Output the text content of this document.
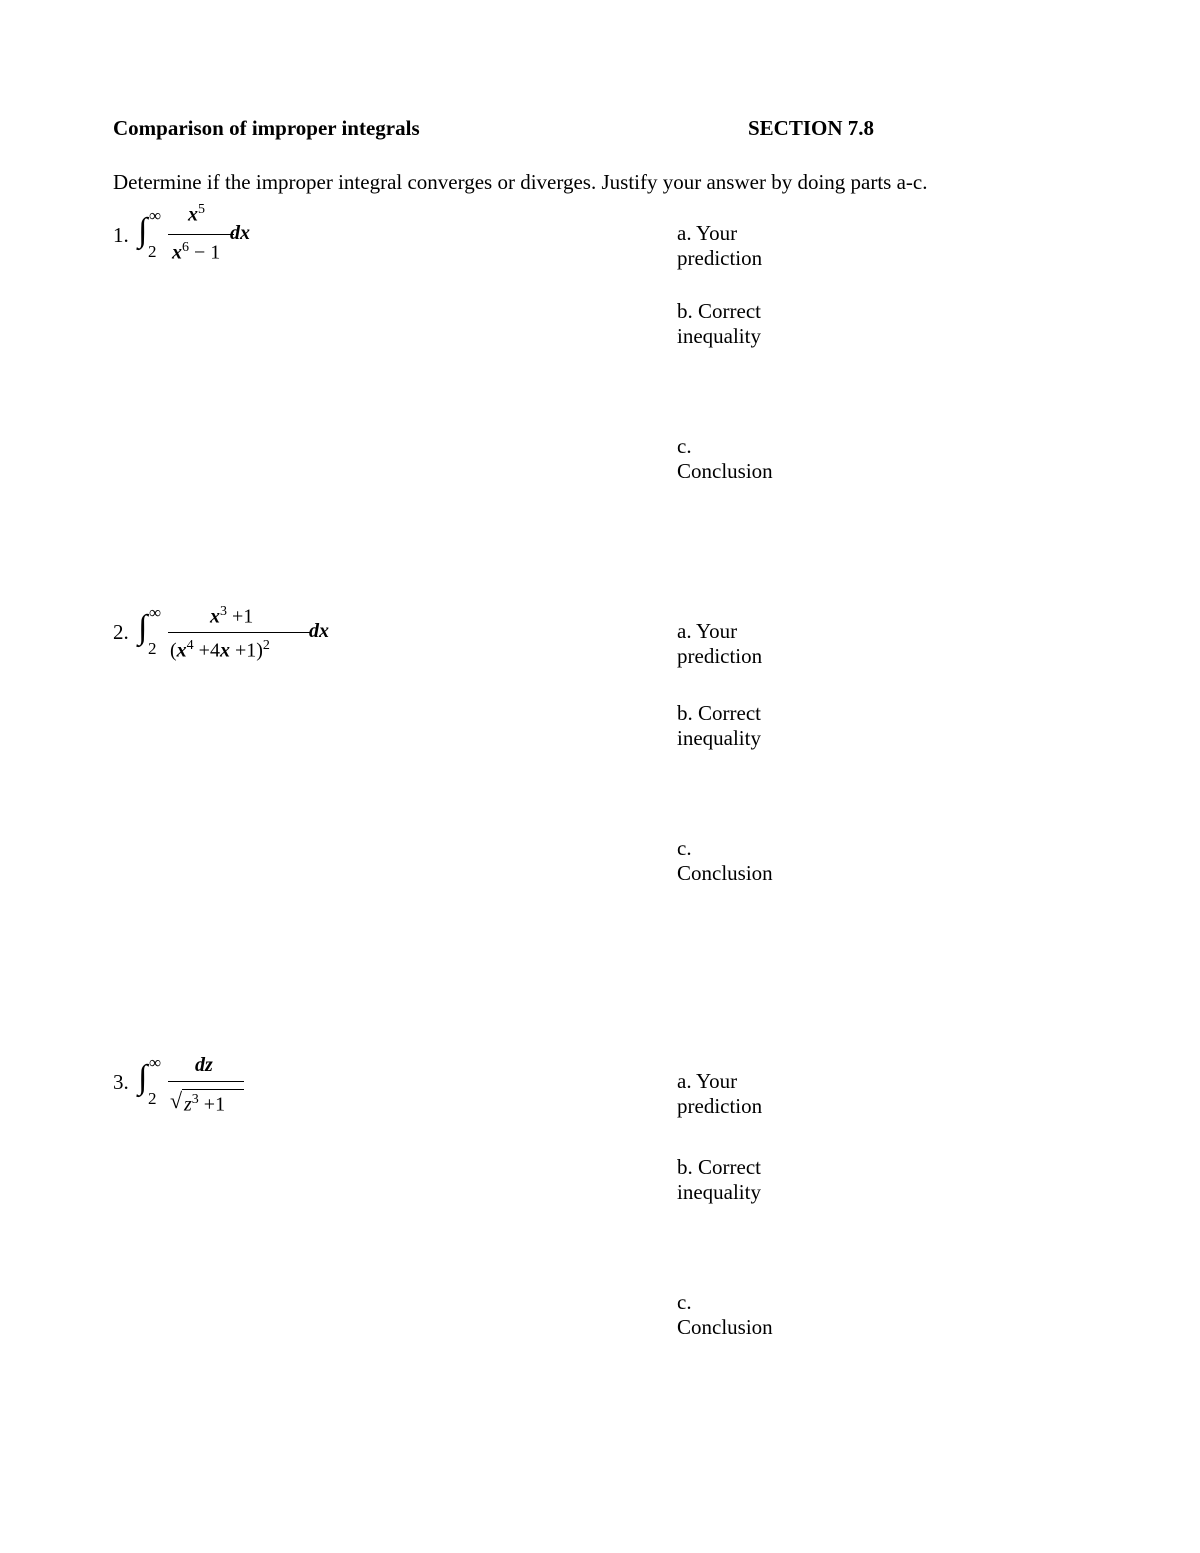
Comparison of improper integrals	SECTION 7.8
Determine if the improper integral converges or diverges. Justify your answer by doing parts a-c.
1. ∫ ∞
2
$x^5$
$x^6 - 1$
dx	a. Your prediction
b. Correct inequality
c. Conclusion
2. ∫ ∞
2
$x^3 +1$
$(x^4 +4x +1)^2$
dx	a. Your prediction
b. Correct inequality
c. Conclusion
3. ∫ ∞
2
dz
√ $z^3 +1$
a. Your prediction
b. Correct inequality
c. Conclusion
